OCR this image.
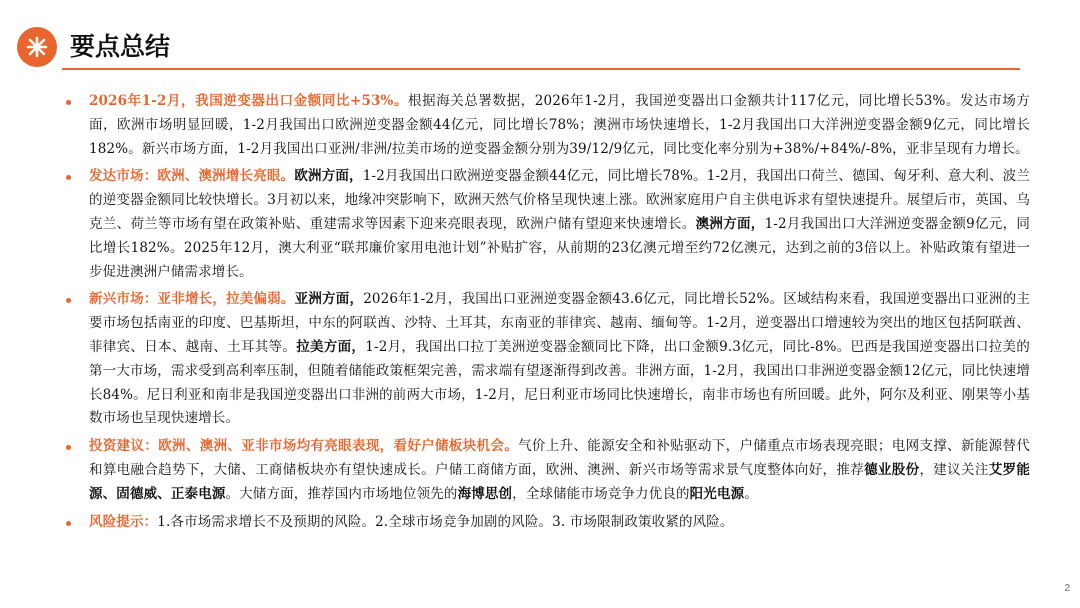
要点总结
2026年1-2月，我国逆变器出口金额同比+53%。根据海关总署数据，2026年1-2月，我国逆变器出口金额共计117亿元，同比增长53%。发达市场方面，欧洲市场明显回暖，1-2月我国出口欧洲逆变器金额44亿元，同比增长78%；澳洲市场快速增长，1-2月我国出口大洋洲逆变器金额9亿元，同比增长182%。新兴市场方面，1-2月我国出口亚洲/非洲/拉美市场的逆变器金额分别为39/12/9亿元，同比变化率分别为+38%/+84%/-8%，亚非呈现有力增长。
发达市场：欧洲、澳洲增长亮眼。欧洲方面，1-2月我国出口欧洲逆变器金额44亿元，同比增长78%。1-2月，我国出口荷兰、德国、匈牙利、意大利、波兰的逆变器金额同比较快增长。3月初以来，地缘冲突影响下，欧洲天然气价格呈现快速上涨。欧洲家庭用户自主供电诉求有望快速提升。展望后市，英国、乌克兰、荷兰等市场有望在政策补贴、重建需求等因素下迎来亮眼表现，欧洲户储有望迎来快速增长。澳洲方面，1-2月我国出口大洋洲逆变器金额9亿元，同比增长182%。2025年12月，澳大利亚“联邦廉价家用电池计划”补贴扩容，从前期的23亿澳元增至约72亿澳元，达到之前的3倍以上。补贴政策有望进一步促进澳洲户储需求增长。
新兴市场：亚非增长，拉美偏弱。亚洲方面，2026年1-2月，我国出口亚洲逆变器金额43.6亿元，同比增长52%。区域结构来看，我国逆变器出口亚洲的主要市场包括南亚的印度、巴基斯坦，中东的阿联酋、沙特、土耳其，东南亚的菲律宾、越南、缅甸等。1-2月，逆变器出口增速较为突出的地区包括阿联酋、菲律宾、日本、越南、土耳其等。拉美方面，1-2月，我国出口拉丁美洲逆变器金额同比下降，出口金额9.3亿元，同比-8%。巴西是我国逆变器出口拉美的第一大市场，需求受到高利率压制，但随着储能政策框架完善，需求端有望逐渐得到改善。非洲方面，1-2月，我国出口非洲逆变器金额12亿元，同比快速增长84%。尼日利亚和南非是我国逆变器出口非洲的前两大市场，1-2月，尼日利亚市场同比快速增长，南非市场也有所回暖。此外，阿尔及利亚、刚果等小基数市场也呈现快速增长。
投资建议：欧洲、澳洲、亚非市场均有亮眼表现，看好户储板块机会。气价上升、能源安全和补贴驱动下，户储重点市场表现亮眼；电网支撑、新能源替代和算电融合趋势下，大储、工商储板块亦有望快速成长。户储工商储方面，欧洲、澳洲、新兴市场等需求景气度整体向好，推荐德业股份，建议关注艾罗能源、固德威、正泰电源。大储方面，推荐国内市场地位领先的海博思创，全球储能市场竞争力优良的阳光电源。
风险提示：1.各市场需求增长不及预期的风险。2.全球市场竞争加剧的风险。3. 市场限制政策收紧的风险。
2
